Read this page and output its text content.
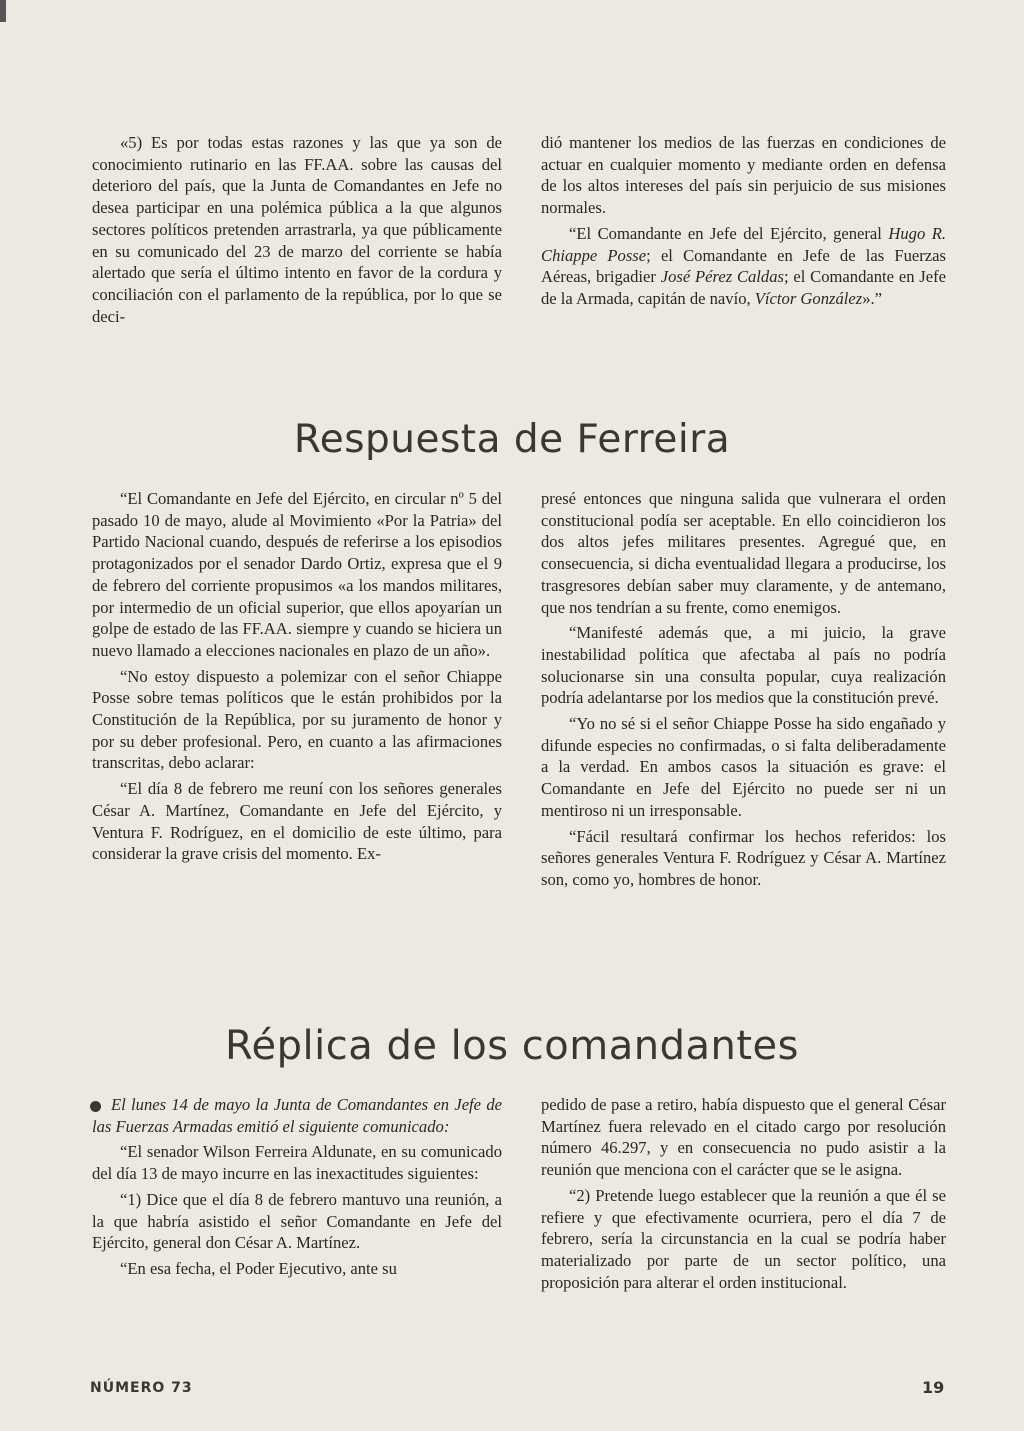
«5) Es por todas estas razones y las que ya son de conocimiento rutinario en las FF.AA. sobre las causas del deterioro del país, que la Junta de Comandantes en Jefe no desea participar en una polémica pública a la que algunos sectores políticos pretenden arrastrarla, ya que públicamente en su comunicado del 23 de marzo del corriente se había alertado que sería el último intento en favor de la cordura y conciliación con el parlamento de la república, por lo que se deci-

dió mantener los medios de las fuerzas en condiciones de actuar en cualquier momento y mediante orden en defensa de los altos intereses del país sin perjuicio de sus misiones normales.

“El Comandante en Jefe del Ejército, general Hugo R. Chiappe Posse; el Comandante en Jefe de las Fuerzas Aéreas, brigadier José Pérez Caldas; el Comandante en Jefe de la Armada, capitán de navío, Víctor González».”

Respuesta de Ferreira

“El Comandante en Jefe del Ejército, en circular nº 5 del pasado 10 de mayo, alude al Movimiento «Por la Patria» del Partido Nacional cuando, después de referirse a los episodios protagonizados por el senador Dardo Ortiz, expresa que el 9 de febrero del corriente propusimos «a los mandos militares, por intermedio de un oficial superior, que ellos apoyarían un golpe de estado de las FF.AA. siempre y cuando se hiciera un nuevo llamado a elecciones nacionales en plazo de un año».

“No estoy dispuesto a polemizar con el señor Chiappe Posse sobre temas políticos que le están prohibidos por la Constitución de la República, por su juramento de honor y por su deber profesional. Pero, en cuanto a las afirmaciones transcritas, debo aclarar:

“El día 8 de febrero me reuní con los señores generales César A. Martínez, Comandante en Jefe del Ejército, y Ventura F. Rodríguez, en el domicilio de este último, para considerar la grave crisis del momento. Ex-

presé entonces que ninguna salida que vulnerara el orden constitucional podía ser aceptable. En ello coincidieron los dos altos jefes militares presentes. Agregué que, en consecuencia, si dicha eventualidad llegara a producirse, los trasgresores debían saber muy claramente, y de antemano, que nos tendrían a su frente, como enemigos.

“Manifesté además que, a mi juicio, la grave inestabilidad política que afectaba al país no podría solucionarse sin una consulta popular, cuya realización podría adelantarse por los medios que la constitución prevé.

“Yo no sé si el señor Chiappe Posse ha sido engañado y difunde especies no confirmadas, o si falta deliberadamente a la verdad. En ambos casos la situación es grave: el Comandante en Jefe del Ejército no puede ser ni un mentiroso ni un irresponsable.

“Fácil resultará confirmar los hechos referidos: los señores generales Ventura F. Rodríguez y César A. Martínez son, como yo, hombres de honor.

Réplica de los comandantes

El lunes 14 de mayo la Junta de Comandantes en Jefe de las Fuerzas Armadas emitió el siguiente comunicado:

“El senador Wilson Ferreira Aldunate, en su comunicado del día 13 de mayo incurre en las inexactitudes siguientes:

“1) Dice que el día 8 de febrero mantuvo una reunión, a la que habría asistido el señor Comandante en Jefe del Ejército, general don César A. Martínez.

“En esa fecha, el Poder Ejecutivo, ante su

pedido de pase a retiro, había dispuesto que el general César Martínez fuera relevado en el citado cargo por resolución número 46.297, y en consecuencia no pudo asistir a la reunión que menciona con el carácter que se le asigna.

“2) Pretende luego establecer que la reunión a que él se refiere y que efectivamente ocurriera, pero el día 7 de febrero, sería la circunstancia en la cual se podría haber materializado por parte de un sector político, una proposición para alterar el orden institucional.

NÚMERO 73	19
